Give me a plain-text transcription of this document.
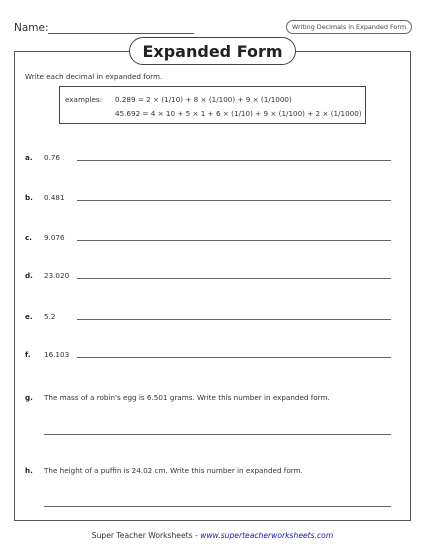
Name:	Writing Decimals in Expanded Form
Expanded Form
Write each decimal in expanded form.
examples: 0.289 = 2 × (1/10) + 8 × (1/100) + 9 × (1/1000)
45.692 = 4 × 10 + 5 × 1 + 6 × (1/10) + 9 × (1/100) + 2 × (1/1000)
a. 0.76
b. 0.481
c. 9.076
d. 23.020
e. 5.2
f. 16.103
g. The mass of a robin's egg is 6.501 grams. Write this number in expanded form.
h. The height of a puffin is 24.02 cm. Write this number in expanded form.
Super Teacher Worksheets - www.superteacherworksheets.com
